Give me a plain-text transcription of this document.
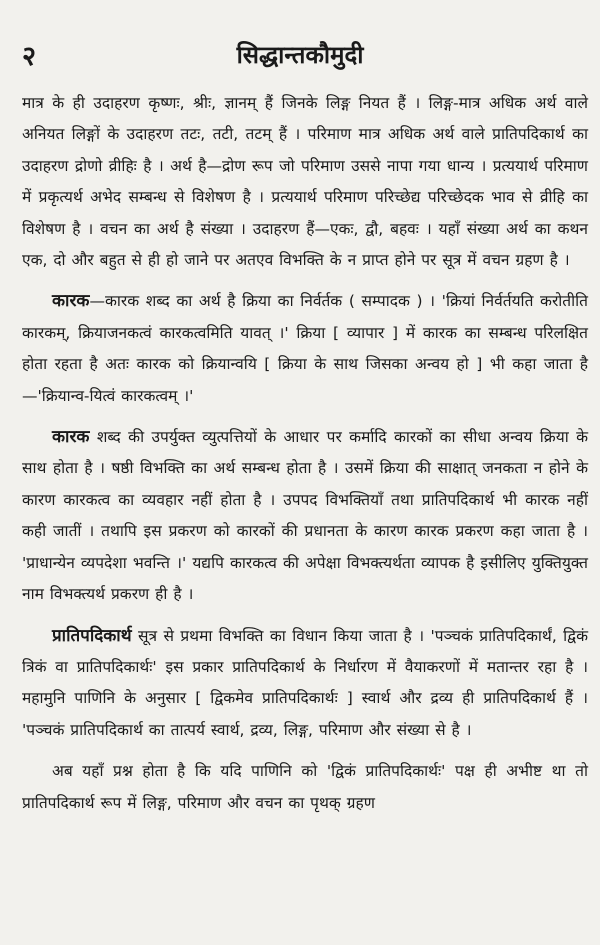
२	सिद्धान्तकौमुदी

मात्र के ही उदाहरण कृष्णः, श्रीः, ज्ञानम् हैं जिनके लिङ्ग नियत हैं । लिङ्ग-मात्र अधिक अर्थ वाले अनियत लिङ्गों के उदाहरण तटः, तटी, तटम् हैं । परिमाण मात्र अधिक अर्थ वाले प्रातिपदिकार्थ का उदाहरण द्रोणो व्रीहिः है । अर्थ है—द्रोण रूप जो परिमाण उससे नापा गया धान्य । प्रत्ययार्थ परिमाण में प्रकृत्यर्थ अभेद सम्बन्ध से विशेषण है । प्रत्ययार्थ परिमाण परिच्छेद्य परिच्छेदक भाव से व्रीहि का विशेषण है । वचन का अर्थ है संख्या । उदाहरण हैं—एकः, द्वौ, बहवः । यहाँ संख्या अर्थ का कथन एक, दो और बहुत से ही हो जाने पर अतएव विभक्ति के न प्राप्त होने पर सूत्र में वचन ग्रहण है ।

कारक—कारक शब्द का अर्थ है क्रिया का निर्वर्तक ( सम्पादक ) । 'क्रियां निर्वर्तयति करोतीति कारकम्, क्रियाजनकत्वं कारकत्वमिति यावत् ।' क्रिया [ व्यापार ] में कारक का सम्बन्ध परिलक्षित होता रहता है अतः कारक को क्रियान्वयि [ क्रिया के साथ जिसका अन्वय हो ] भी कहा जाता है—'क्रियान्व-यित्वं कारकत्वम् ।'

कारक शब्द की उपर्युक्त व्युत्पत्तियों के आधार पर कर्मादि कारकों का सीधा अन्वय क्रिया के साथ होता है । षष्ठी विभक्ति का अर्थ सम्बन्ध होता है । उसमें क्रिया की साक्षात् जनकता न होने के कारण कारकत्व का व्यवहार नहीं होता है । उपपद विभक्तियाँ तथा प्रातिपदिकार्थ भी कारक नहीं कही जातीं । तथापि इस प्रकरण को कारकों की प्रधानता के कारण कारक प्रकरण कहा जाता है । 'प्राधान्येन व्यपदेशा भवन्ति ।' यद्यपि कारकत्व की अपेक्षा विभक्त्यर्थता व्यापक है इसीलिए युक्तियुक्त नाम विभक्त्यर्थ प्रकरण ही है ।

प्रातिपदिकार्थ सूत्र से प्रथमा विभक्ति का विधान किया जाता है । 'पञ्चकं प्रातिपदिकार्थं, द्विकं त्रिकं वा प्रातिपदिकार्थः' इस प्रकार प्रातिपदिकार्थ के निर्धारण में वैयाकरणों में मतान्तर रहा है । महामुनि पाणिनि के अनुसार [ द्विकमेव प्रातिपदिकार्थः ] स्वार्थ और द्रव्य ही प्रातिपदिकार्थ हैं । 'पञ्चकं प्रातिपदिकार्थ का तात्पर्य स्वार्थ, द्रव्य, लिङ्ग, परिमाण और संख्या से है ।

अब यहाँ प्रश्न होता है कि यदि पाणिनि को 'द्विकं प्रातिपदिकार्थः' पक्ष ही अभीष्ट था तो प्रातिपदिकार्थ रूप में लिङ्ग, परिमाण और वचन का पृथक् ग्रहण
